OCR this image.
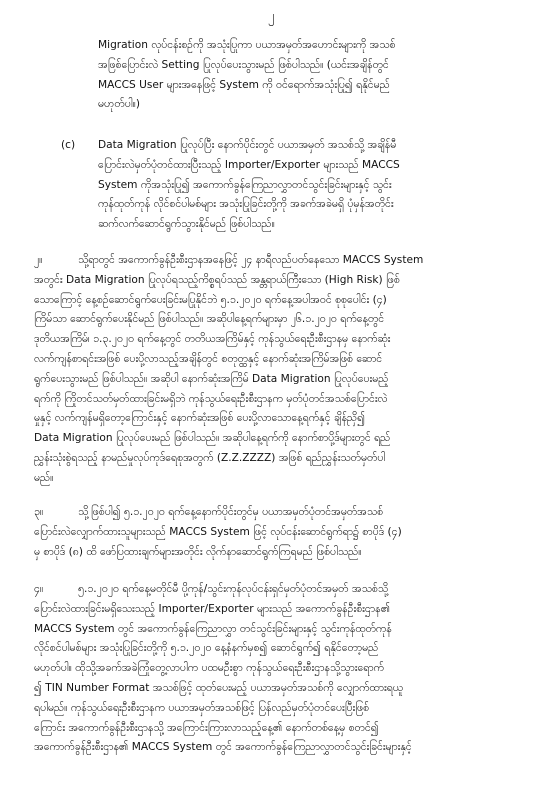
၂
Migration လုပ်ငန်းစဉ်ကို အသုံးပြုကာ ပယာအမှတ်အဟောင်းများကို အသစ်
အဖြစ်ပြောင်းလဲ Setting ပြုလုပ်ပေးသွားမည် ဖြစ်ပါသည်။ (ယင်းအချိန်တွင်
MACCS User များအနေဖြင့် System ကို ဝင်ရောက်အသုံးပြု၍ ရနိုင်မည်
မဟုတ်ပါ။)
(c) Data Migration ပြုလုပ်ပြီး နောက်ပိုင်းတွင် ပယာအမှတ် အသစ်သို့ အချိန်မီ
ပြောင်းလဲမှတ်ပုံတင်ထားပြီးသည့် Importer/Exporter များသည် MACCS
System ကိုအသုံးပြု၍ အကောက်ခွန်ကြေညာလွှာတင်သွင်းခြင်းများနှင့် သွင်း
ကုန်ထုတ်ကုန် လိုင်စင်ပါမစ်များ အသုံးပြုခြင်းတို့ကို အခက်အခဲမရှိ ပုံမှန်အတိုင်း
ဆက်လက်ဆောင်ရွက်သွားနိုင်မည် ဖြစ်ပါသည်။
၂။	သို့ရာတွင် အကောက်ခွန်ဦးစီးဌာနအနေဖြင့် ၂၄ နာရီလည်ပတ်နေသော MACCS System
အတွင်း Data Migration ပြုလုပ်ရသည့်ကိစ္စရပ်သည် အန္တရာယ်ကြီးသော (High Risk) ဖြစ်
သောကြောင့် နေ့စဉ်ဆောင်ရွက်ပေးခြင်းမပြုနိုင်ဘဲ ၅.၁.၂၀၂၀ ရက်နေ့အပါအဝင် စုစုပေါင်း (၄)
ကြိမ်သာ ဆောင်ရွက်ပေးနိုင်မည် ဖြစ်ပါသည်။ အဆိုပါနေ့ရက်များမှာ ၂၆.၁.၂၀၂၀ ရက်နေ့တွင်
ဒုတိယအကြိမ်၊ ၁.၃.၂၀၂၀ ရက်နေ့တွင် တတိယအကြိမ်နှင့် ကုန်သွယ်ရေးဦးစီးဌာနမှ နောက်ဆုံး
လက်ကျန်စာရင်းအဖြစ် ပေးပို့လာသည့်အချိန်တွင် စတုတ္ထနှင့် နောက်ဆုံးအကြိမ်အဖြစ် ဆောင်
ရွက်ပေးသွားမည် ဖြစ်ပါသည်။ အဆိုပါ နောက်ဆုံးအကြိမ် Data Migration ပြုလုပ်ပေးမည့်
ရက်ကို ကြိုတင်သတ်မှတ်ထားခြင်းမရှိဘဲ ကုန်သွယ်ရေးဦးစီးဌာနက မှတ်ပုံတင်အသစ်ပြောင်းလဲ
မှုနှင့် လက်ကျန်မရှိတော့ကြောင်းနှင့် နောက်ဆုံးအဖြစ် ပေးပို့လာသောနေ့ရက်နှင့် ချိန်ညှိ၍
Data Migration ပြုလုပ်ပေးမည် ဖြစ်ပါသည်။ အဆိုပါနေ့ရက်ကို နောက်စာပို့ဒ်များတွင် ရည်
ညွှန်းသုံးစွဲရသည့် နာမည်မှုလုပ်ကုဒ်ရေစုအတွက် (Z.Z.ZZZZ) အဖြစ် ရည်ညွှန်းသတ်မှတ်ပါ
မည်။
၃။	သို့ဖြစ်ပါ၍ ၅.၁.၂၀၂၀ ရက်နေ့နောက်ပိုင်းတွင်မှ ပယာအမှတ်ပုံတင်အမှတ်အသစ်
ပြောင်းလဲလျှောက်ထားသူများသည် MACCS System ဖြင့် လုပ်ငန်းဆောင်ရွက်ရာ၌ စာပိုဒ် (၄)
မှ စာပိုဒ် (၈) ထိ ဖော်ပြထားချက်များအတိုင်း လိုက်နာဆောင်ရွက်ကြရမည် ဖြစ်ပါသည်။
၄။	၅.၁.၂၀၂၀ ရက်နေ့မတိုင်မီ ပို့ကုန်/သွင်းကုန်လုပ်ငန်းရှင်မှတ်ပုံတင်အမှတ် အသစ်သို့
ပြောင်းလဲထားခြင်းမရှိသေးသည့် Importer/Exporter များသည် အကောက်ခွန်ဦးစီးဌာန၏
MACCS System တွင် အကောက်ခွန်ကြေညာလွှာ တင်သွင်းခြင်းများနှင့် သွင်းကုန်ထုတ်ကုန်
လိုင်စင်ပါမစ်များ အသုံးပြုခြင်းတို့ကို ၅.၁.၂၀၂၀ နေ့နံနက်မှစ၍ ဆောင်ရွက်၍ ရနိုင်တော့မည်
မဟုတ်ပါ။ ထိုသို့အခက်အခဲကြုံတွေ့လာပါက ပထမဦးစွာ ကုန်သွယ်ရေးဦးစီးဌာနသို့သွားရောက်
၍ TIN Number Format အသစ်ဖြင့် ထုတ်ပေးမည့် ပယာအမှတ်အသစ်ကို လျှောက်ထားရယူ
ရပါမည်။ ကုန်သွယ်ရေးဦးစီးဌာနက ပယာအမှတ်အသစ်ဖြင့် ပြန်လည်မှတ်ပုံတင်ပေးပြီးဖြစ်
ကြောင်း အကောက်ခွန်ဦးစီးဌာနသို့ အကြောင်းကြားလာသည့်နေ့၏ နောက်တစ်နေ့မှ စတင်၍
အကောက်ခွန်ဦးစီးဌာန၏ MACCS System တွင် အကောက်ခွန်ကြေညာလွှာတင်သွင်းခြင်းများနှင့်
